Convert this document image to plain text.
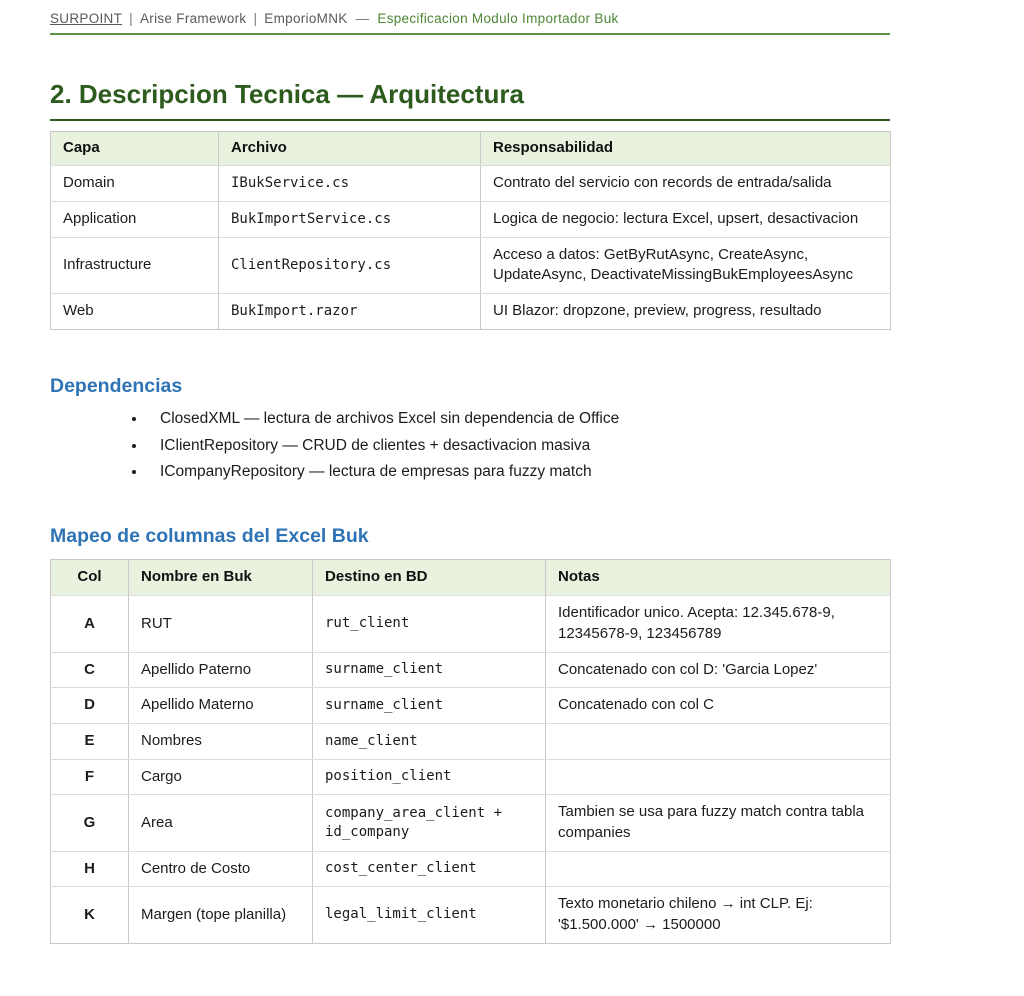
SURPOINT | Arise Framework | EmporioMNK — Especificacion Modulo Importador Buk
2. Descripcion Tecnica — Arquitectura
Capa	Archivo	Responsabilidad
Domain	IBukService.cs	Contrato del servicio con records de entrada/salida
Application	BukImportService.cs	Logica de negocio: lectura Excel, upsert, desactivacion
Infrastructure	ClientRepository.cs	Acceso a datos: GetByRutAsync, CreateAsync, UpdateAsync, DeactivateMissingBukEmployeesAsync
Web	BukImport.razor	UI Blazor: dropzone, preview, progress, resultado
Dependencias
• ClosedXML — lectura de archivos Excel sin dependencia de Office
• IClientRepository — CRUD de clientes + desactivacion masiva
• ICompanyRepository — lectura de empresas para fuzzy match
Mapeo de columnas del Excel Buk
Col	Nombre en Buk	Destino en BD	Notas
A	RUT	rut_client	Identificador unico. Acepta: 12.345.678-9, 12345678-9, 123456789
C	Apellido Paterno	surname_client	Concatenado con col D: 'Garcia Lopez'
D	Apellido Materno	surname_client	Concatenado con col C
E	Nombres	name_client	
F	Cargo	position_client	
G	Area	company_area_client + id_company	Tambien se usa para fuzzy match contra tabla companies
H	Centro de Costo	cost_center_client	
K	Margen (tope planilla)	legal_limit_client	Texto monetario chileno → int CLP. Ej: '$1.500.000' → 1500000
